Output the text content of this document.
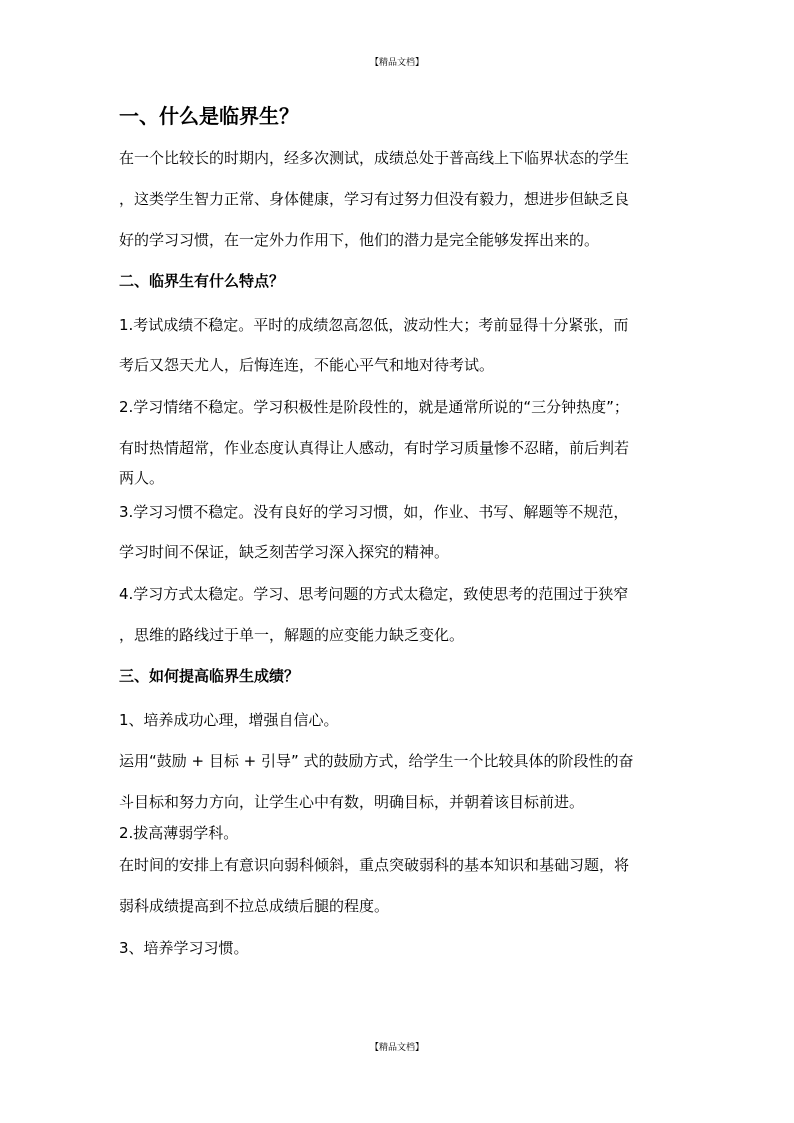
【精品文档】
一、什么是临界生？
在一个比较长的时期内，经多次测试，成绩总处于普高线上下临界状态的学生
，这类学生智力正常、身体健康，学习有过努力但没有毅力，想进步但缺乏良
好的学习习惯，在一定外力作用下，他们的潜力是完全能够发挥出来的。
二、临界生有什么特点？
1.考试成绩不稳定。平时的成绩忽高忽低，波动性大；考前显得十分紧张，而
考后又怨天尤人，后悔连连，不能心平气和地对待考试。
2.学习情绪不稳定。学习积极性是阶段性的，就是通常所说的“三分钟热度”；
有时热情超常，作业态度认真得让人感动，有时学习质量惨不忍睹，前后判若
两人。
3.学习习惯不稳定。没有良好的学习习惯，如，作业、书写、解题等不规范，
学习时间不保证，缺乏刻苦学习深入探究的精神。
4.学习方式太稳定。学习、思考问题的方式太稳定，致使思考的范围过于狭窄
，思维的路线过于单一，解题的应变能力缺乏变化。
三、如何提高临界生成绩？
1、培养成功心理，增强自信心。
运用“鼓励 + 目标 + 引导” 式的鼓励方式，给学生一个比较具体的阶段性的奋
斗目标和努力方向，让学生心中有数，明确目标，并朝着该目标前进。
2.拔高薄弱学科。
在时间的安排上有意识向弱科倾斜，重点突破弱科的基本知识和基础习题，将
弱科成绩提高到不拉总成绩后腿的程度。
3、培养学习习惯。
【精品文档】
